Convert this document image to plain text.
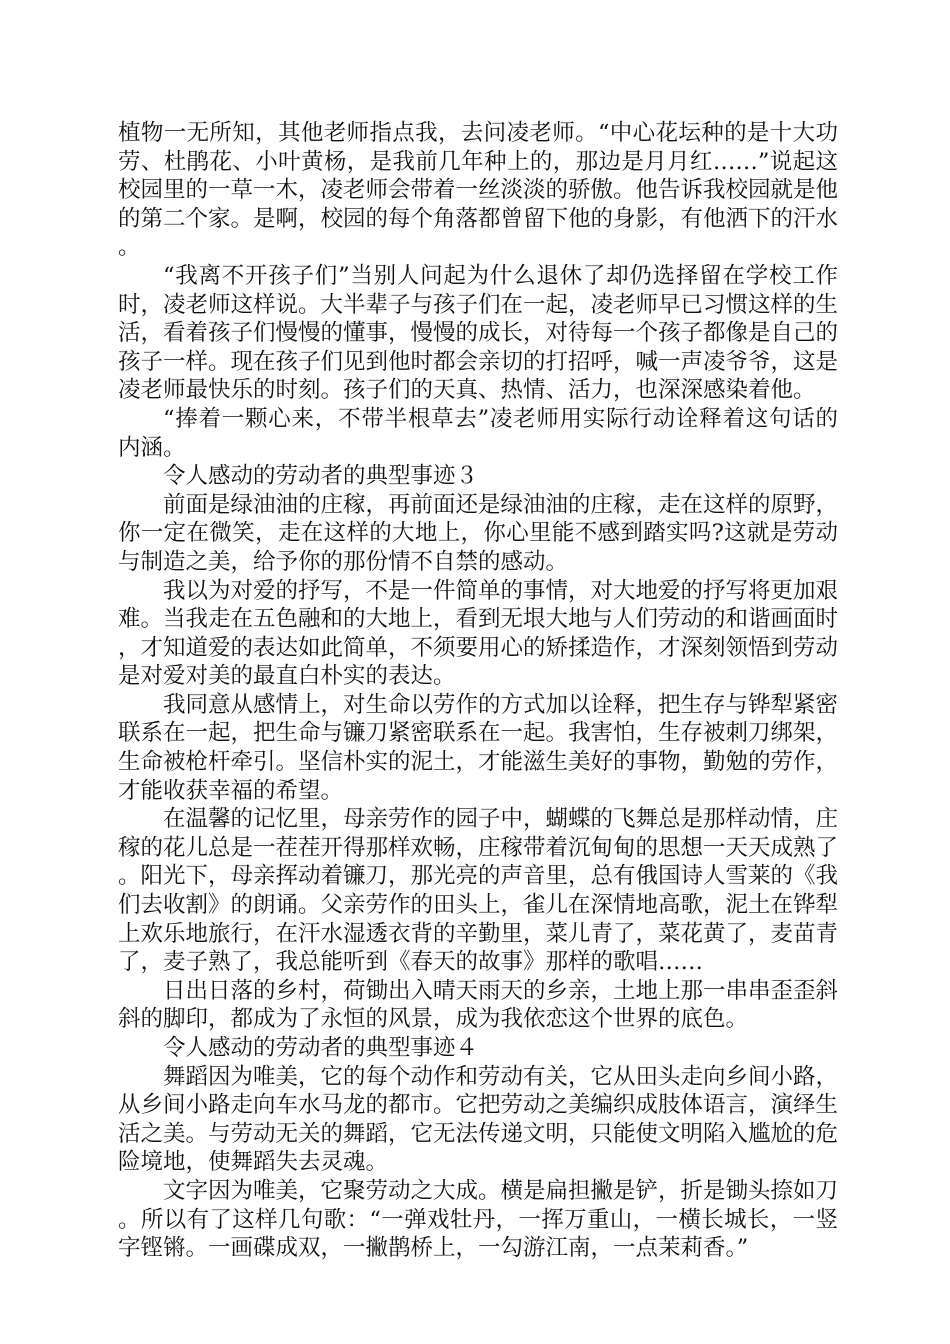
植物一无所知，其他老师指点我，去问凌老师。“中心花坛种的是十大功劳、杜鹃花、小叶黄杨，是我前几年种上的，那边是月月红……”说起这校园里的一草一木，凌老师会带着一丝淡淡的骄傲。他告诉我校园就是他的第二个家。是啊，校园的每个角落都曾留下他的身影，有他洒下的汗水。

“我离不开孩子们”当别人问起为什么退休了却仍选择留在学校工作时，凌老师这样说。大半辈子与孩子们在一起，凌老师早已习惯这样的生活，看着孩子们慢慢的懂事，慢慢的成长，对待每一个孩子都像是自己的孩子一样。现在孩子们见到他时都会亲切的打招呼，喊一声凌爷爷，这是凌老师最快乐的时刻。孩子们的天真、热情、活力，也深深感染着他。

“捧着一颗心来，不带半根草去”凌老师用实际行动诠释着这句话的内涵。

令人感动的劳动者的典型事迹３

前面是绿油油的庄稼，再前面还是绿油油的庄稼，走在这样的原野，你一定在微笑，走在这样的大地上，你心里能不感到踏实吗?这就是劳动与制造之美，给予你的那份情不自禁的感动。

我以为对爱的抒写，不是一件简单的事情，对大地爱的抒写将更加艰难。当我走在五色融和的大地上，看到无垠大地与人们劳动的和谐画面时，才知道爱的表达如此简单，不须要用心的矫揉造作，才深刻领悟到劳动是对爱对美的最直白朴实的表达。

我同意从感情上，对生命以劳作的方式加以诠释，把生存与铧犁紧密联系在一起，把生命与镰刀紧密联系在一起。我害怕，生存被刺刀绑架，生命被枪杆牵引。坚信朴实的泥土，才能滋生美好的事物，勤勉的劳作，才能收获幸福的希望。

在温馨的记忆里，母亲劳作的园子中，蝴蝶的飞舞总是那样动情，庄稼的花儿总是一茬茬开得那样欢畅，庄稼带着沉甸甸的思想一天天成熟了。阳光下，母亲挥动着镰刀，那光亮的声音里，总有俄国诗人雪莱的《我们去收割》的朗诵。父亲劳作的田头上，雀儿在深情地高歌，泥土在铧犁上欢乐地旅行，在汗水湿透衣背的辛勤里，菜儿青了，菜花黄了，麦苗青了，麦子熟了，我总能听到《春天的故事》那样的歌唱……

日出日落的乡村，荷锄出入晴天雨天的乡亲，土地上那一串串歪歪斜斜的脚印，都成为了永恒的风景，成为我依恋这个世界的底色。

令人感动的劳动者的典型事迹４

舞蹈因为唯美，它的每个动作和劳动有关，它从田头走向乡间小路，从乡间小路走向车水马龙的都市。它把劳动之美编织成肢体语言，演绎生活之美。与劳动无关的舞蹈，它无法传递文明，只能使文明陷入尴尬的危险境地，使舞蹈失去灵魂。

文字因为唯美，它聚劳动之大成。横是扁担撇是铲，折是锄头捺如刀。所以有了这样几句歌：“一弹戏牡丹，一挥万重山，一横长城长，一竖字铿锵。一画碟成双，一撇鹊桥上，一勾游江南，一点茉莉香。”
